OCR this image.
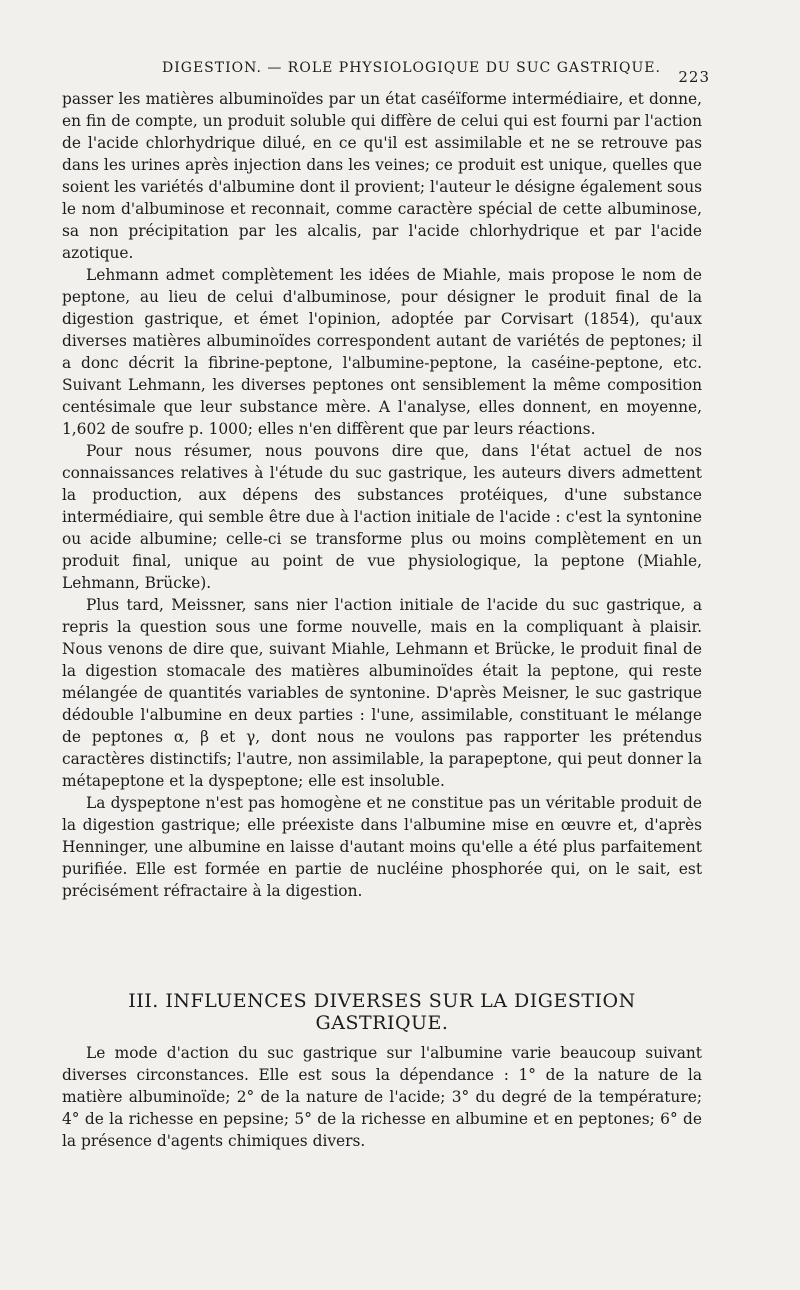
DIGESTION. — ROLE PHYSIOLOGIQUE DU SUC GASTRIQUE. 223

passer les matières albuminoïdes par un état caséïforme intermédiaire, et donne, en fin de compte, un produit soluble qui diffère de celui qui est fourni par l'action de l'acide chlorhydrique dilué, en ce qu'il est assimilable et ne se retrouve pas dans les urines après injection dans les veines; ce produit est unique, quelles que soient les variétés d'albumine dont il provient; l'auteur le désigne également sous le nom d'albuminose et reconnait, comme caractère spécial de cette albuminose, sa non précipitation par les alcalis, par l'acide chlorhydrique et par l'acide azotique.

Lehmann admet complètement les idées de Miahle, mais propose le nom de peptone, au lieu de celui d'albuminose, pour désigner le produit final de la digestion gastrique, et émet l'opinion, adoptée par Corvisart (1854), qu'aux diverses matières albuminoïdes correspondent autant de variétés de peptones; il a donc décrit la fibrine-peptone, l'albumine-peptone, la caséine-peptone, etc. Suivant Lehmann, les diverses peptones ont sensiblement la même composition centésimale que leur substance mère. A l'analyse, elles donnent, en moyenne, 1,602 de soufre p. 1000; elles n'en diffèrent que par leurs réactions.

Pour nous résumer, nous pouvons dire que, dans l'état actuel de nos connaissances relatives à l'étude du suc gastrique, les auteurs divers admettent la production, aux dépens des substances protéiques, d'une substance intermédiaire, qui semble être due à l'action initiale de l'acide : c'est la syntonine ou acide albumine; celle-ci se transforme plus ou moins complètement en un produit final, unique au point de vue physiologique, la peptone (Miahle, Lehmann, Brücke).

Plus tard, Meissner, sans nier l'action initiale de l'acide du suc gastrique, a repris la question sous une forme nouvelle, mais en la compliquant à plaisir. Nous venons de dire que, suivant Miahle, Lehmann et Brücke, le produit final de la digestion stomacale des matières albuminoïdes était la peptone, qui reste mélangée de quantités variables de syntonine. D'après Meisner, le suc gastrique dédouble l'albumine en deux parties : l'une, assimilable, constituant le mélange de peptones α, β et γ, dont nous ne voulons pas rapporter les prétendus caractères distinctifs; l'autre, non assimilable, la parapeptone, qui peut donner la métapeptone et la dyspeptone; elle est insoluble.

La dyspeptone n'est pas homogène et ne constitue pas un véritable produit de la digestion gastrique; elle préexiste dans l'albumine mise en œuvre et, d'après Henninger, une albumine en laisse d'autant moins qu'elle a été plus parfaitement purifiée. Elle est formée en partie de nucléine phosphorée qui, on le sait, est précisément réfractaire à la digestion.

III. INFLUENCES DIVERSES SUR LA DIGESTION GASTRIQUE.

Le mode d'action du suc gastrique sur l'albumine varie beaucoup suivant diverses circonstances. Elle est sous la dépendance : 1° de la nature de la matière albuminoïde; 2° de la nature de l'acide; 3° du degré de la température; 4° de la richesse en pepsine; 5° de la richesse en albumine et en peptones; 6° de la présence d'agents chimiques divers.
